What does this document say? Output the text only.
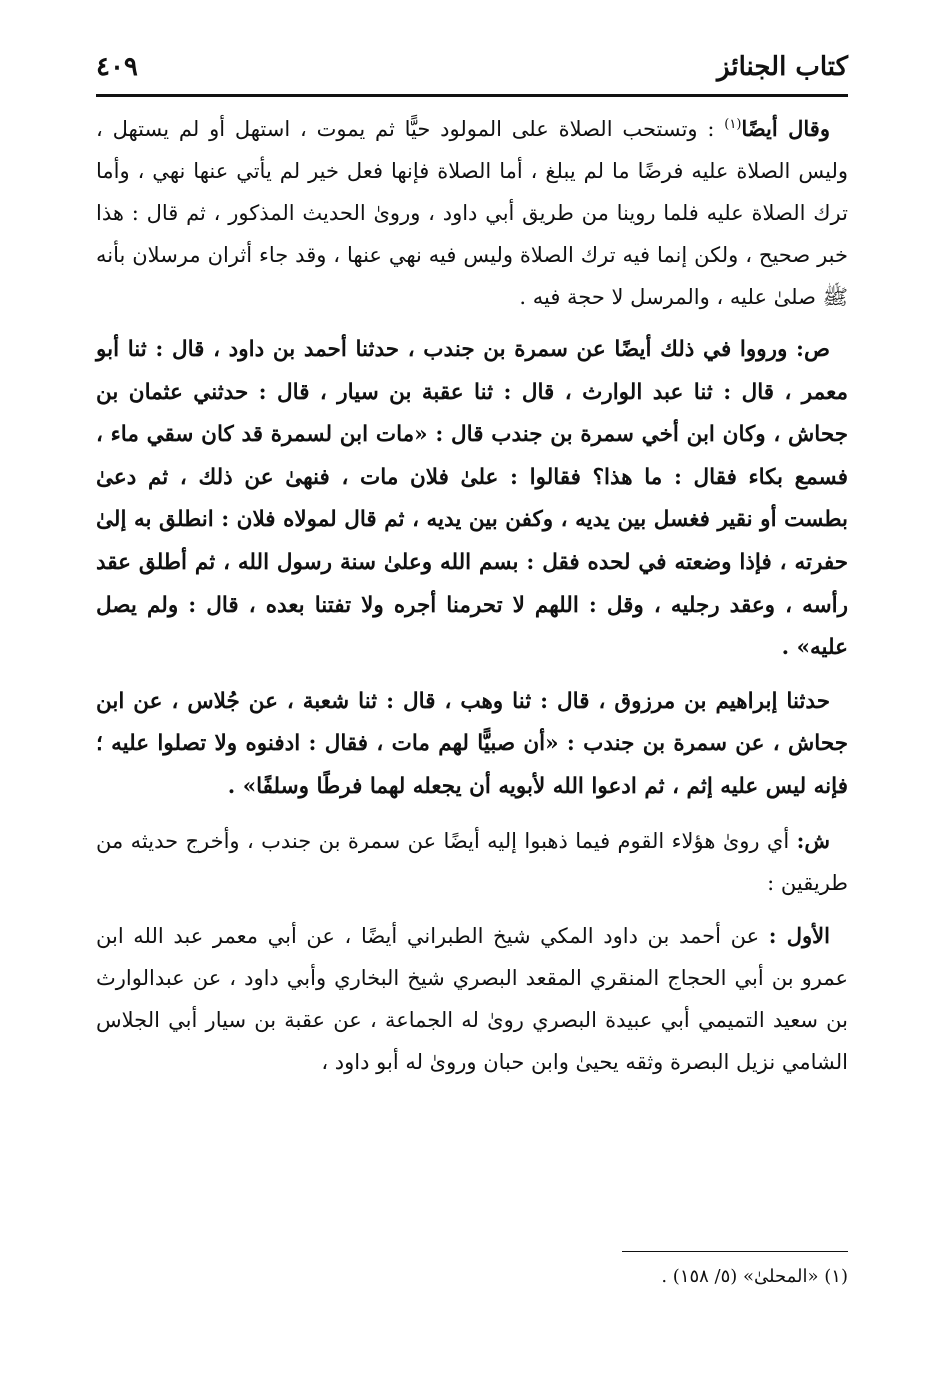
كتاب الجنائز
٤٠٩

وقال أيضًا$^{(١)}$ : وتستحب الصلاة على المولود حيًّا ثم يموت ، استهل أو لم يستهل ، وليس الصلاة عليه فرضًا ما لم يبلغ ، أما الصلاة فإنها فعل خير لم يأتي عنها نهي ، وأما ترك الصلاة عليه فلما روينا من طريق أبي داود ، وروىٰ الحديث المذكور ، ثم قال : هذا خبر صحيح ، ولكن إنما فيه ترك الصلاة وليس فيه نهي عنها ، وقد جاء أثران مرسلان بأنه ﷺ صلىٰ عليه ، والمرسل لا حجة فيه .

ص: ورووا في ذلك أيضًا عن سمرة بن جندب ، حدثنا أحمد بن داود ، قال : ثنا أبو معمر ، قال : ثنا عبد الوارث ، قال : ثنا عقبة بن سيار ، قال : حدثني عثمان بن جحاش ، وكان ابن أخي سمرة بن جندب قال : «مات ابن لسمرة قد كان سقي ماء ، فسمع بكاء فقال : ما هذا؟ فقالوا : علىٰ فلان مات ، فنهىٰ عن ذلك ، ثم دعىٰ بطست أو نقير فغسل بين يديه ، وكفن بين يديه ، ثم قال لمولاه فلان : انطلق به إلىٰ حفرته ، فإذا وضعته في لحده فقل : بسم الله وعلىٰ سنة رسول الله ، ثم أطلق عقد رأسه ، وعقد رجليه ، وقل : اللهم لا تحرمنا أجره ولا تفتنا بعده ، قال : ولم يصل عليه» .

حدثنا إبراهيم بن مرزوق ، قال : ثنا وهب ، قال : ثنا شعبة ، عن جُلاس ، عن ابن جحاش ، عن سمرة بن جندب : «أن صبيًّا لهم مات ، فقال : ادفنوه ولا تصلوا عليه ؛ فإنه ليس عليه إثم ، ثم ادعوا الله لأبويه أن يجعله لهما فرطًا وسلفًا» .

ش: أي روىٰ هؤلاء القوم فيما ذهبوا إليه أيضًا عن سمرة بن جندب ، وأخرج حديثه من طريقين :

الأول : عن أحمد بن داود المكي شيخ الطبراني أيضًا ، عن أبي معمر عبد الله ابن عمرو بن أبي الحجاج المنقري المقعد البصري شيخ البخاري وأبي داود ، عن عبدالوارث بن سعيد التميمي أبي عبيدة البصري روىٰ له الجماعة ، عن عقبة بن سيار أبي الجلاس الشامي نزيل البصرة وثقه يحيىٰ وابن حبان وروىٰ له أبو داود ،

(١) «المحلىٰ» (٥/ ١٥٨) .
